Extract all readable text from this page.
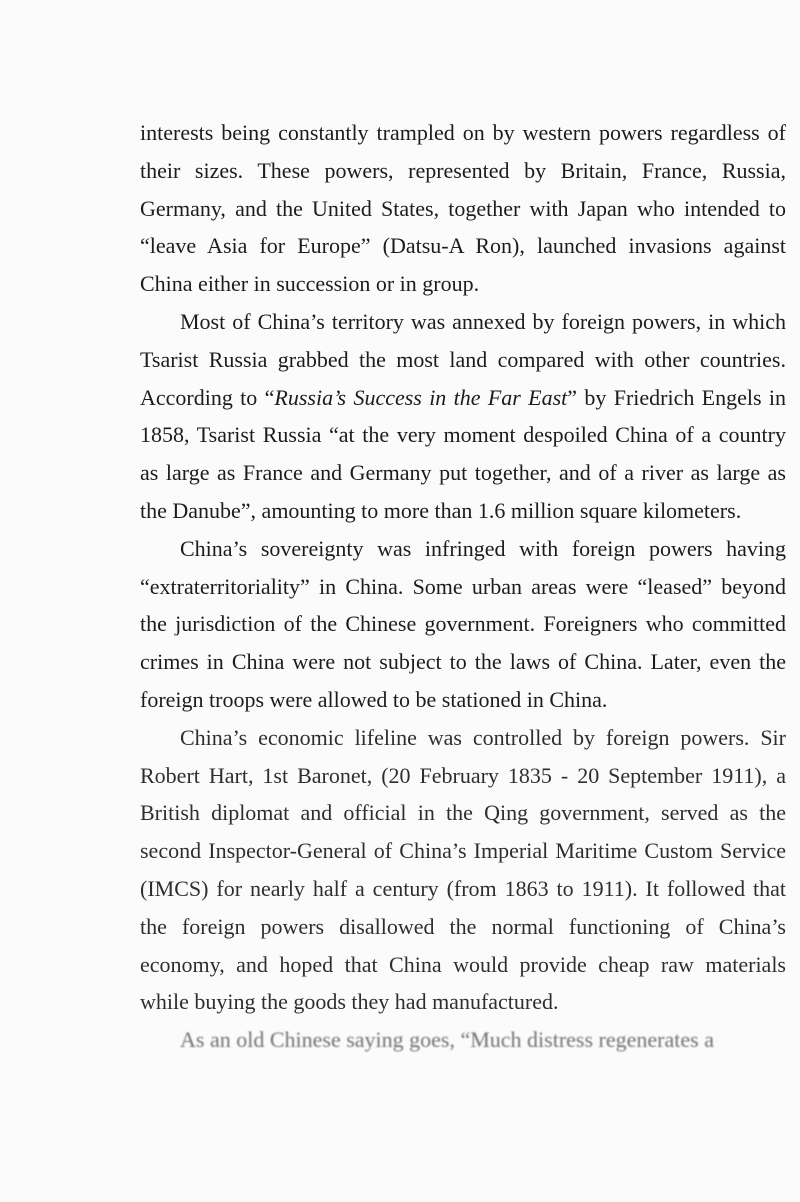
interests being constantly trampled on by western powers regardless of their sizes. These powers, represented by Britain, France, Russia, Germany, and the United States, together with Japan who intended to “leave Asia for Europe” (Datsu-A Ron), launched invasions against China either in succession or in group.

Most of China’s territory was annexed by foreign powers, in which Tsarist Russia grabbed the most land compared with other countries. According to “Russia’s Success in the Far East” by Friedrich Engels in 1858, Tsarist Russia “at the very moment despoiled China of a country as large as France and Germany put together, and of a river as large as the Danube”, amounting to more than 1.6 million square kilometers.

China’s sovereignty was infringed with foreign powers having “extraterritoriality” in China. Some urban areas were “leased” beyond the jurisdiction of the Chinese government. Foreigners who committed crimes in China were not subject to the laws of China. Later, even the foreign troops were allowed to be stationed in China.

China’s economic lifeline was controlled by foreign powers. Sir Robert Hart, 1st Baronet, (20 February 1835 - 20 September 1911), a British diplomat and official in the Qing government, served as the second Inspector-General of China’s Imperial Maritime Custom Service (IMCS) for nearly half a century (from 1863 to 1911). It followed that the foreign powers disallowed the normal functioning of China’s economy, and hoped that China would provide cheap raw materials while buying the goods they had manufactured.

As an old Chinese saying goes, “Much distress regenerates a
